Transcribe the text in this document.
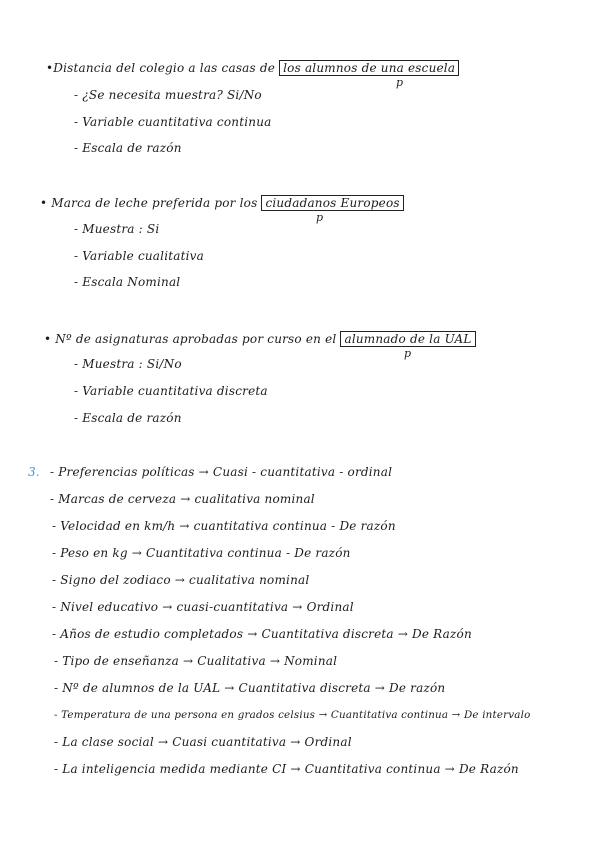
•Distancia del colegio a las casas de los alumnos de una escuela
p
- ¿Se necesita muestra? Si/No
- Variable cuantitativa continua
- Escala de razón
• Marca de leche preferida por los ciudadanos Europeos
p
- Muestra : Si
- Variable cualitativa
- Escala Nominal
• Nº de asignaturas aprobadas por curso en el alumnado de la UAL
p
- Muestra : Si/No
- Variable cuantitativa discreta
- Escala de razón
3. - Preferencias políticas → Cuasi - cuantitativa - ordinal
- Marcas de cerveza → cualitativa nominal
- Velocidad en km/h → cuantitativa continua - De razón
- Peso en kg → Cuantitativa continua - De razón
- Signo del zodiaco → cualitativa nominal
- Nivel educativo → cuasi-cuantitativa → Ordinal
- Años de estudio completados → Cuantitativa discreta → De Razón
- Tipo de enseñanza → Cualitativa → Nominal
- Nº de alumnos de la UAL → Cuantitativa discreta → De razón
- Temperatura de una persona en grados celsius → Cuantitativa continua → De intervalo
- La clase social → Cuasi cuantitativa → Ordinal
- La inteligencia medida mediante CI → Cuantitativa continua → De Razón
